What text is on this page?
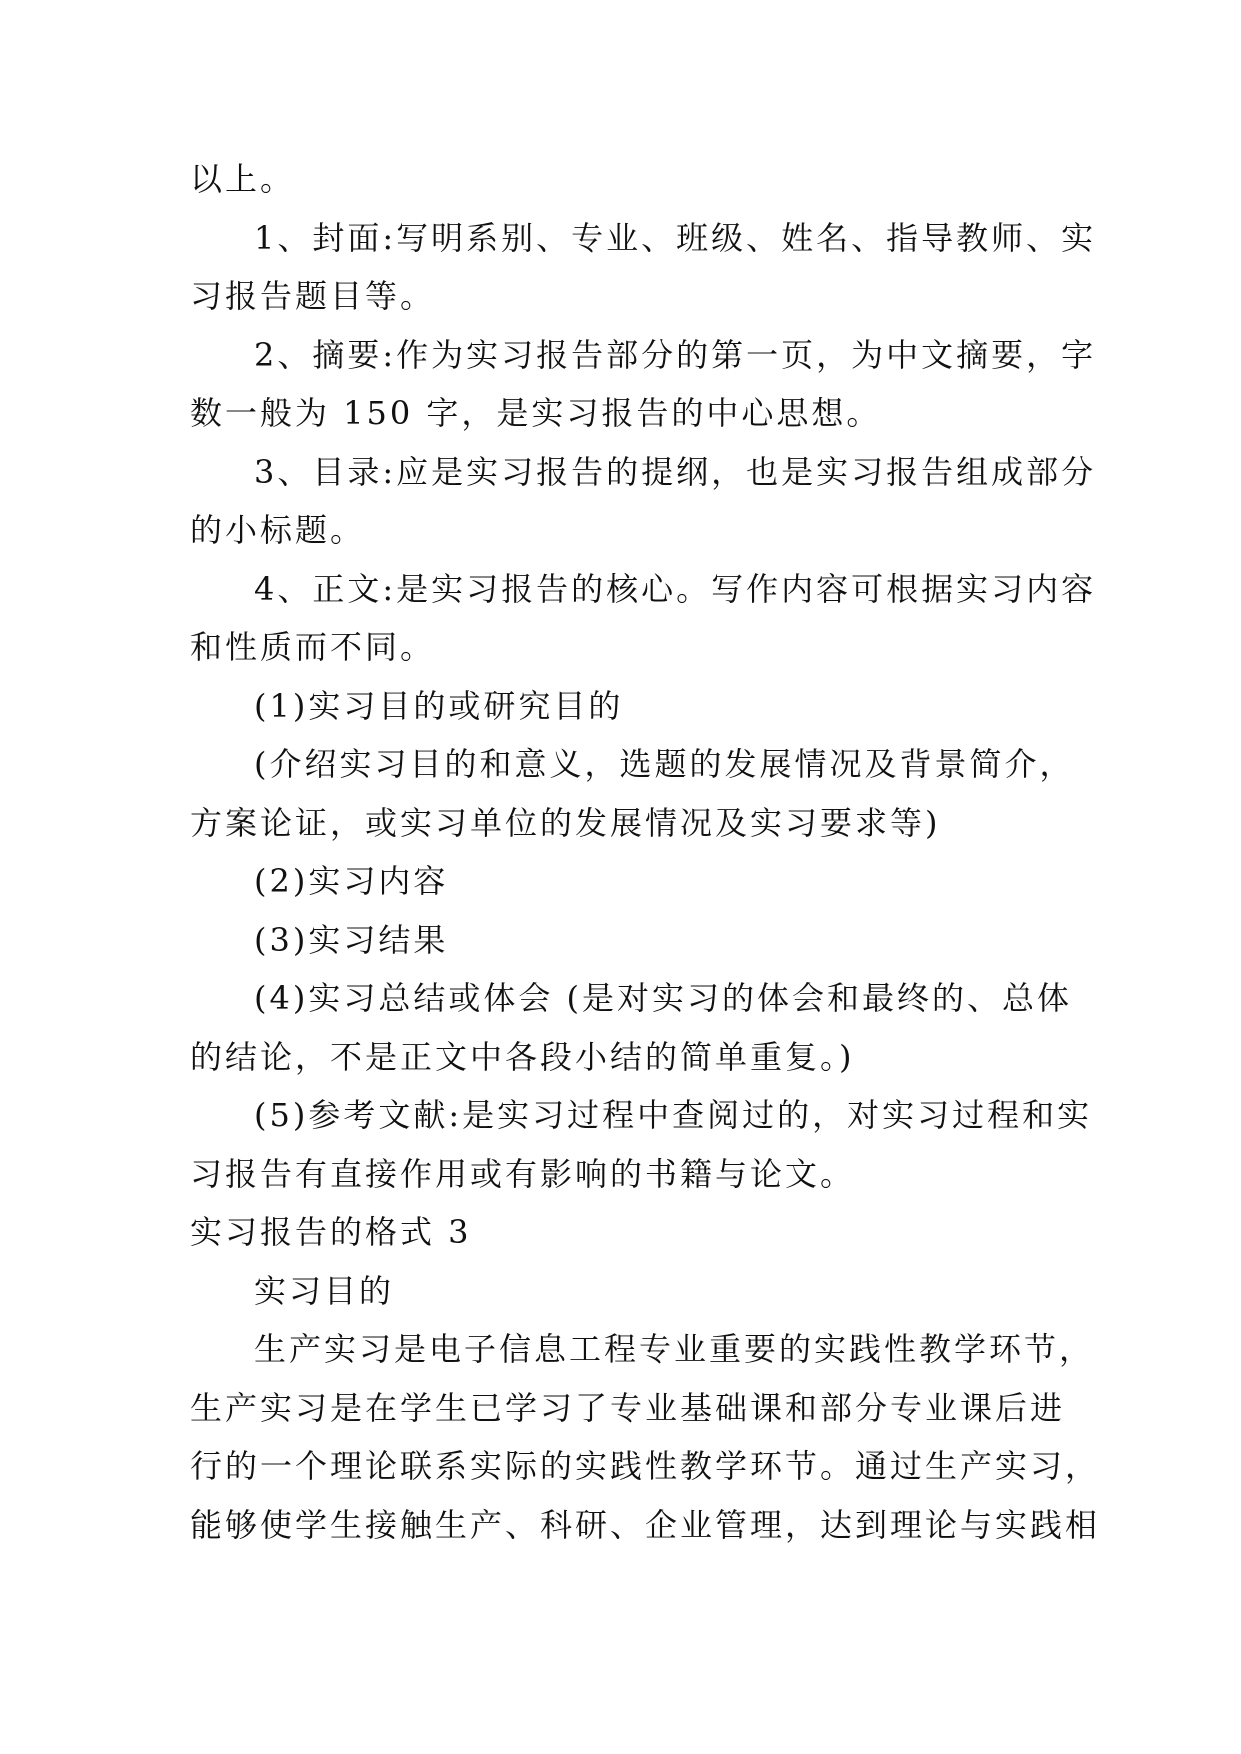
以上。
1、封面:写明系别、专业、班级、姓名、指导教师、实
习报告题目等。
2、摘要:作为实习报告部分的第一页，为中文摘要，字
数一般为 150 字，是实习报告的中心思想。
3、目录:应是实习报告的提纲，也是实习报告组成部分
的小标题。
4、正文:是实习报告的核心。写作内容可根据实习内容
和性质而不同。
(1)实习目的或研究目的
(介绍实习目的和意义，选题的发展情况及背景简介，
方案论证，或实习单位的发展情况及实习要求等)
(2)实习内容
(3)实习结果
(4)实习总结或体会 (是对实习的体会和最终的、总体
的结论，不是正文中各段小结的简单重复。)
(5)参考文献:是实习过程中查阅过的，对实习过程和实
习报告有直接作用或有影响的书籍与论文。
实习报告的格式 3
实习目的
生产实习是电子信息工程专业重要的实践性教学环节，
生产实习是在学生已学习了专业基础课和部分专业课后进
行的一个理论联系实际的实践性教学环节。通过生产实习，
能够使学生接触生产、科研、企业管理，达到理论与实践相
